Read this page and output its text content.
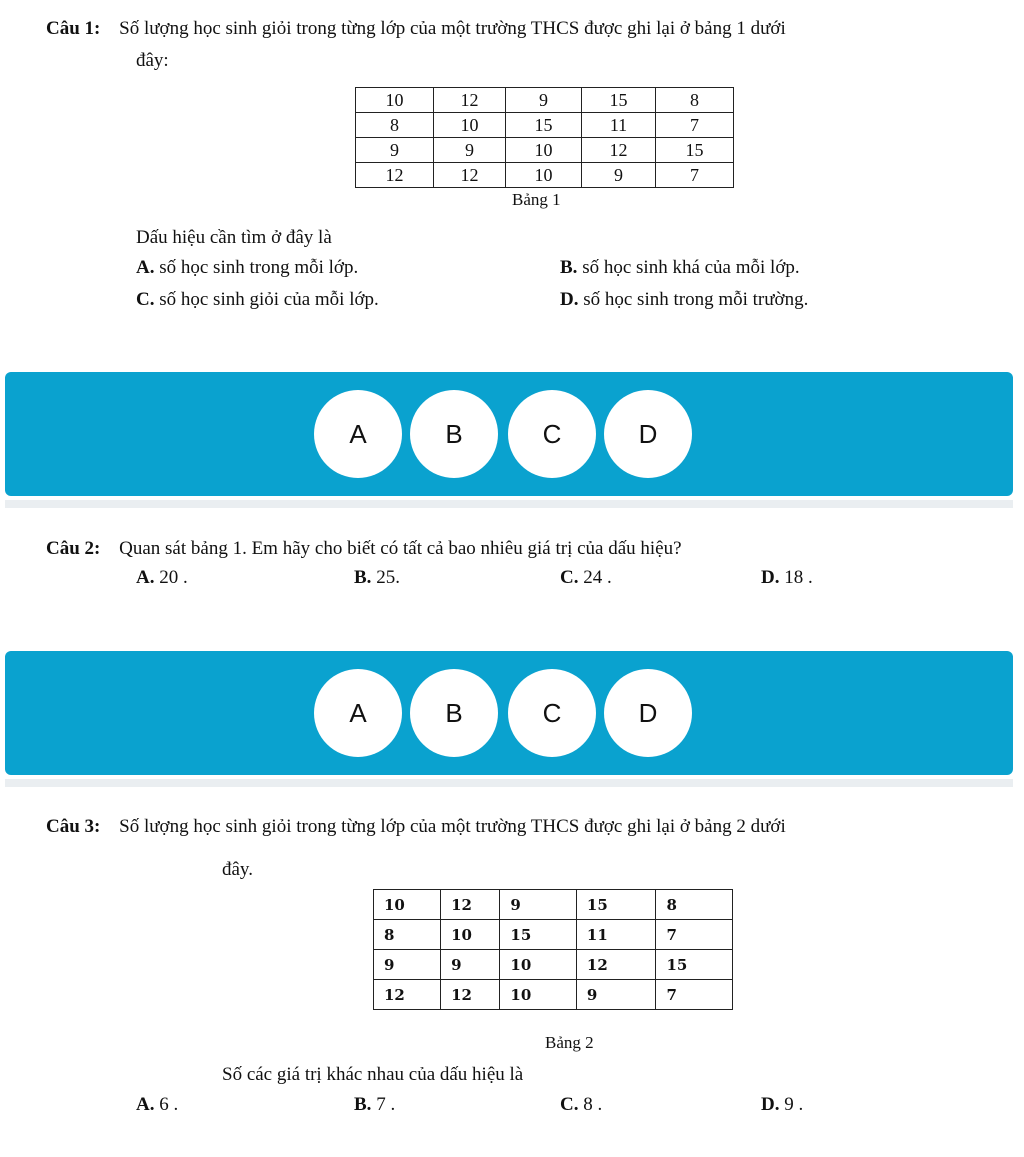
Câu 1: Số lượng học sinh giỏi trong từng lớp của một trường THCS được ghi lại ở bảng 1 dưới
đây:
10	12	9	15	8
8	10	15	11	7
9	9	10	12	15
12	12	10	9	7
Bảng 1
Dấu hiệu cần tìm ở đây là
A. số học sinh trong mỗi lớp.	B. số học sinh khá của mỗi lớp.
C. số học sinh giỏi của mỗi lớp.	D. số học sinh trong mỗi trường.
A	B	C	D
Câu 2: Quan sát bảng 1. Em hãy cho biết có tất cả bao nhiêu giá trị của dấu hiệu?
A. 20 .	B. 25.	C. 24 .	D. 18 .
A	B	C	D
Câu 3: Số lượng học sinh giỏi trong từng lớp của một trường THCS được ghi lại ở bảng 2 dưới
đây.
10	12	9	15	8
8	10	15	11	7
9	9	10	12	15
12	12	10	9	7
Bảng 2
Số các giá trị khác nhau của dấu hiệu là
A. 6 .	B. 7 .	C. 8 .	D. 9 .
